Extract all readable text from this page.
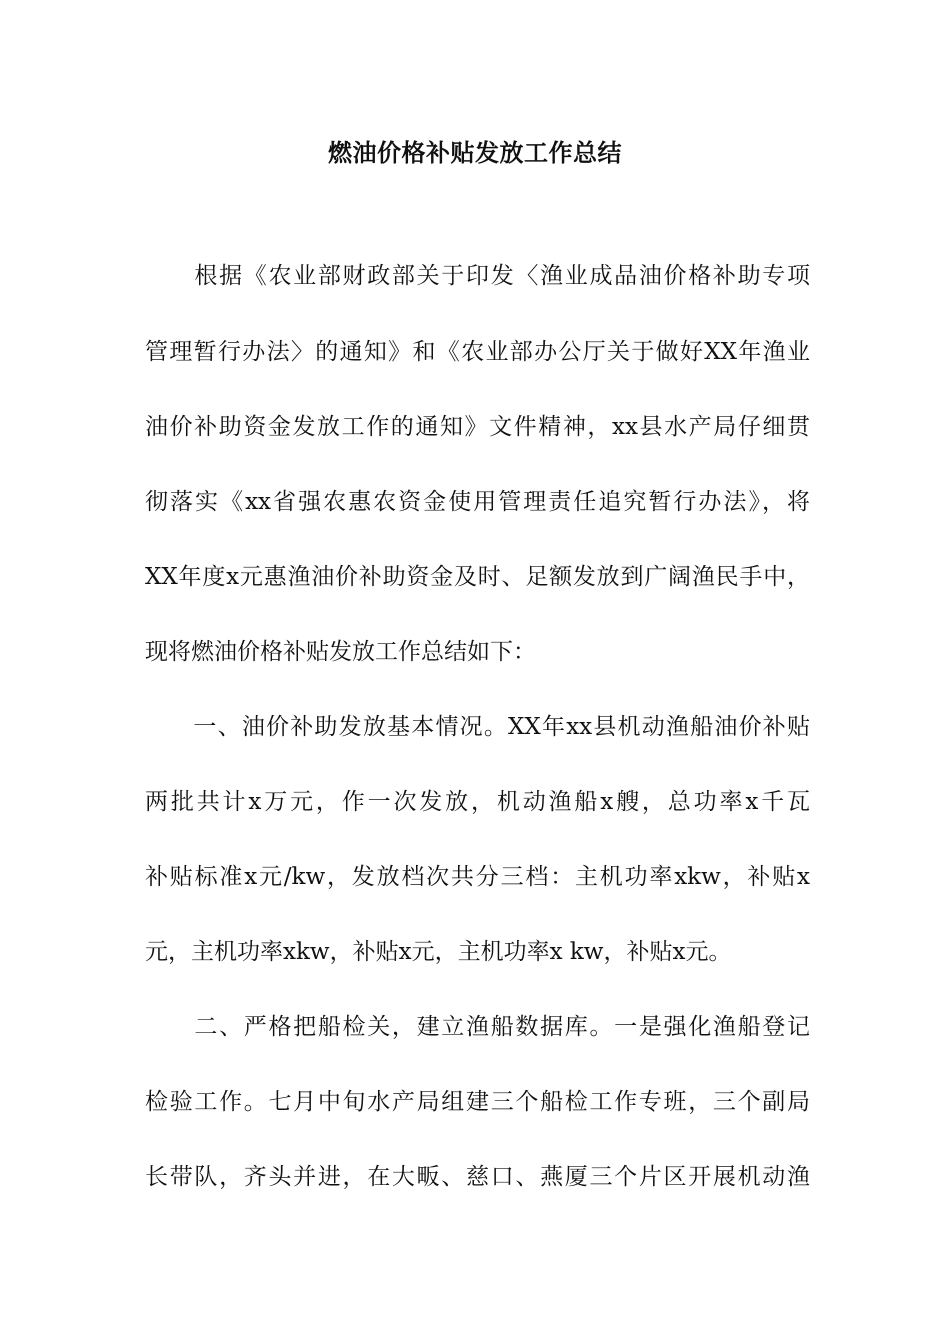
燃油价格补贴发放工作总结

　　根据《农业部财政部关于印发〈渔业成品油价格补助专项

管理暂行办法〉的通知》和《农业部办公厅关于做好XX年渔业

油价补助资金发放工作的通知》文件精神，xx县水产局仔细贯

彻落实《xx省强农惠农资金使用管理责任追究暂行办法》，将

XX年度x元惠渔油价补助资金及时、足额发放到广阔渔民手中，

现将燃油价格补贴发放工作总结如下：

　　一、油价补助发放基本情况。XX年xx县机动渔船油价补贴

两批共计x万元，作一次发放，机动渔船x艘，总功率x千瓦

补贴标准x元/kw，发放档次共分三档：主机功率xkw，补贴x

元，主机功率xkw，补贴x元，主机功率x kw，补贴x元。

　　二、严格把船检关，建立渔船数据库。一是强化渔船登记

检验工作。七月中旬水产局组建三个船检工作专班，三个副局

长带队，齐头并进，在大畈、慈口、燕厦三个片区开展机动渔
